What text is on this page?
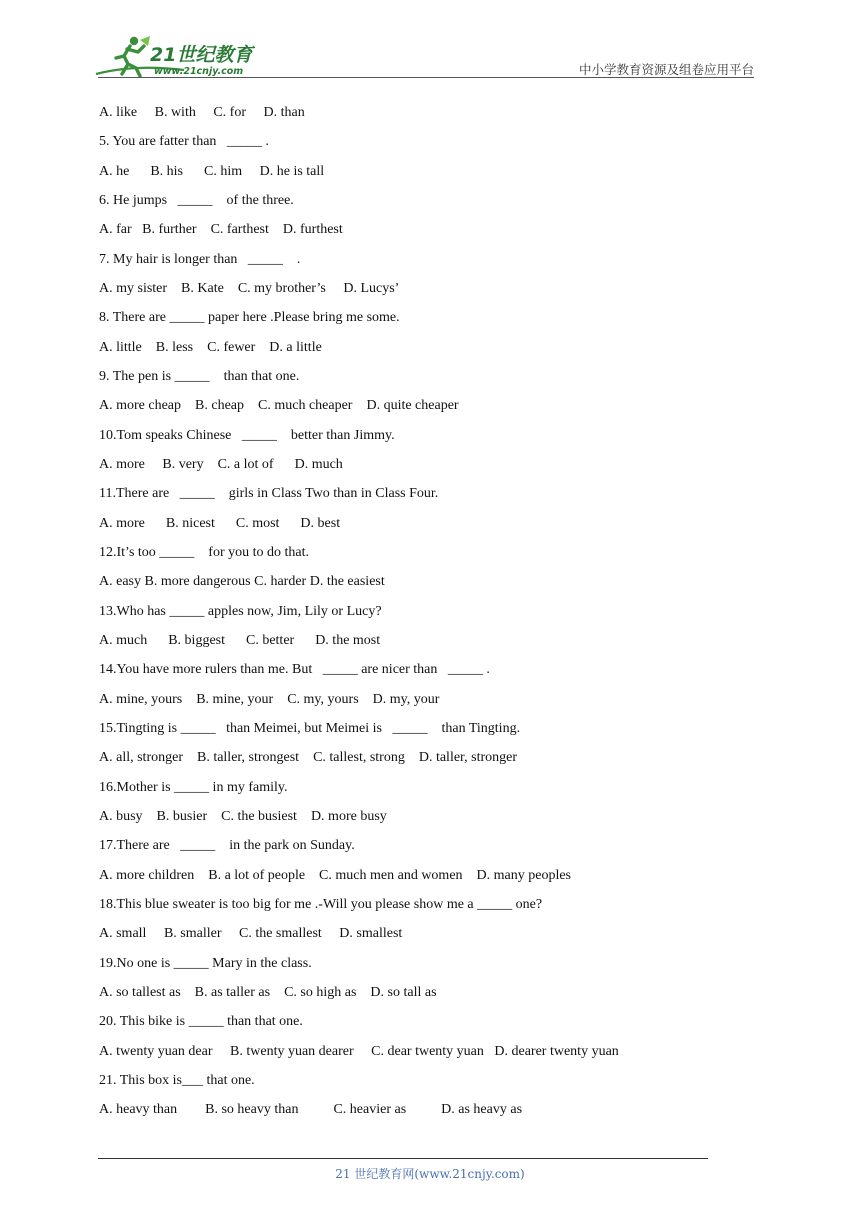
21世纪教育
www.21cnjy.com	中小学教育资源及组卷应用平台
A. like     B. with     C. for     D. than
5. You are fatter than   _____ .
A. he      B. his      C. him     D. he is tall
6. He jumps   _____    of the three.
A. far   B. further    C. farthest    D. furthest
7. My hair is longer than   _____    .
A. my sister    B. Kate    C. my brother’s     D. Lucys’
8. There are _____ paper here .Please bring me some.
A. little    B. less    C. fewer    D. a little
9. The pen is _____    than that one.
A. more cheap    B. cheap    C. much cheaper    D. quite cheaper
10.Tom speaks Chinese   _____    better than Jimmy.
A. more     B. very    C. a lot of      D. much
11.There are   _____    girls in Class Two than in Class Four.
A. more      B. nicest      C. most      D. best
12.It’s too _____    for you to do that.
A. easy B. more dangerous C. harder D. the easiest
13.Who has _____ apples now, Jim, Lily or Lucy?
A. much      B. biggest      C. better      D. the most
14.You have more rulers than me. But   _____ are nicer than   _____ .
A. mine, yours    B. mine, your    C. my, yours    D. my, your
15.Tingting is _____   than Meimei, but Meimei is   _____    than Tingting.
A. all, stronger    B. taller, strongest    C. tallest, strong    D. taller, stronger
16.Mother is _____ in my family.
A. busy    B. busier    C. the busiest    D. more busy
17.There are   _____    in the park on Sunday.
A. more children    B. a lot of people    C. much men and women    D. many peoples
18.This blue sweater is too big for me .-Will you please show me a _____ one?
A. small     B. smaller     C. the smallest     D. smallest
19.No one is _____ Mary in the class.
A. so tallest as    B. as taller as    C. so high as    D. so tall as
20. This bike is _____ than that one.
A. twenty yuan dear     B. twenty yuan dearer     C. dear twenty yuan   D. dearer twenty yuan
21. This box is___ that one.
A. heavy than        B. so heavy than          C. heavier as          D. as heavy as
21 世纪教育网(www.21cnjy.com)
